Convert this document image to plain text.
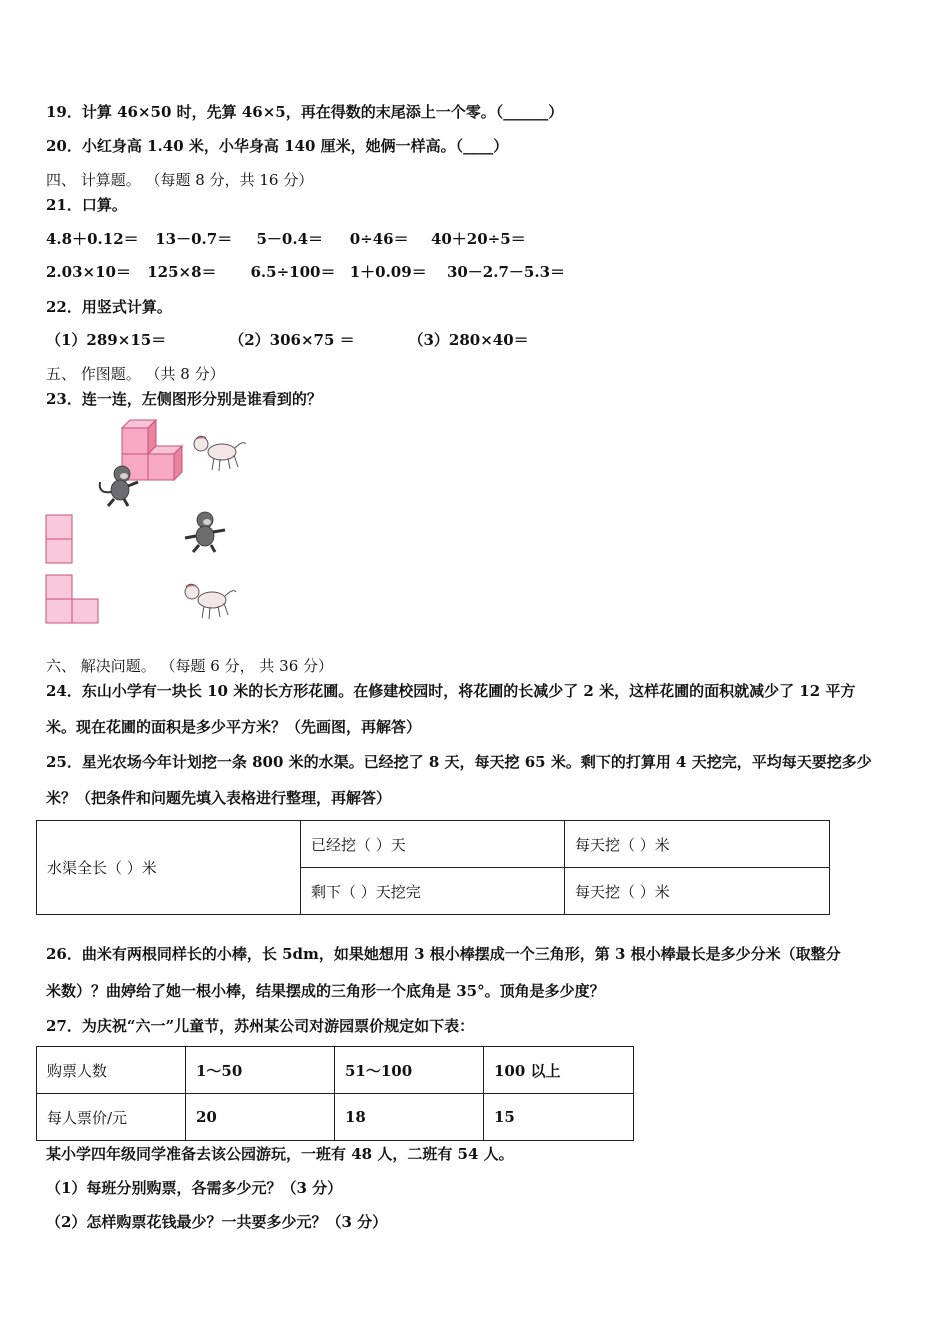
19．计算 46×50 时，先算 46×5，再在得数的末尾添上一个零。（______）
20．小红身高 1.40 米，小华身高 140 厘米，她俩一样高。（____）
四、 计算题。 （每题 8 分，共 16 分）
21．口算。
4.8＋0.12＝ 13－0.7＝ 5－0.4＝ 0÷46＝ 40＋20÷5＝
2.03×10＝ 125×8＝ 6.5÷100＝ 1＋0.09＝ 30－2.7－5.3＝
22．用竖式计算。
（1）289×15＝	（2）306×75 ＝	（3）280×40＝
五、 作图题。 （共 8 分）
23．连一连，左侧图形分别是谁看到的？
六、 解决问题。 （每题 6 分， 共 36 分）
24．东山小学有一块长 10 米的长方形花圃。在修建校园时，将花圃的长减少了 2 米，这样花圃的面积就减少了 12 平方
米。现在花圃的面积是多少平方米？（先画图，再解答）
25．星光农场今年计划挖一条 800 米的水渠。已经挖了 8 天，每天挖 65 米。剩下的打算用 4 天挖完，平均每天要挖多少
米？（把条件和问题先填入表格进行整理，再解答）
水渠全长（ ）米	已经挖（ ）天	每天挖（ ）米
	剩下（ ）天挖完	每天挖（ ）米
26．曲米有两根同样长的小棒，长 5dm，如果她想用 3 根小棒摆成一个三角形，第 3 根小棒最长是多少分米（取整分
米数）？曲婷给了她一根小棒，结果摆成的三角形一个底角是 35°。顶角是多少度？
27．为庆祝“六一”儿童节，苏州某公司对游园票价规定如下表：
购票人数	1～50	51～100	100 以上
每人票价/元	20	18	15
某小学四年级同学准备去该公园游玩，一班有 48 人，二班有 54 人。
（1）每班分别购票，各需多少元？（3 分）
（2）怎样购票花钱最少？一共要多少元？（3 分）
